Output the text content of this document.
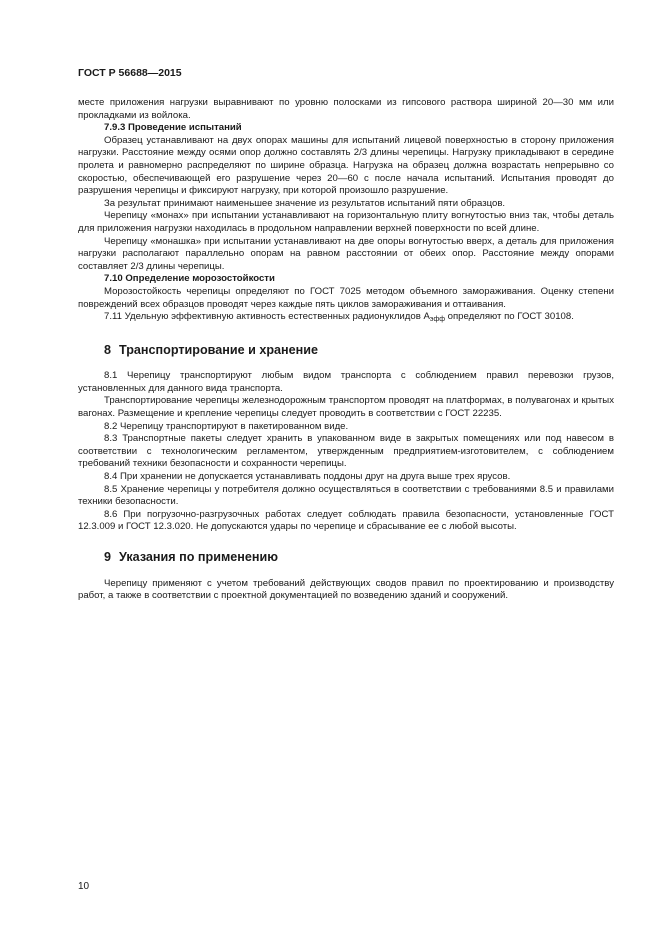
ГОСТ Р 56688—2015

месте приложения нагрузки выравнивают по уровню полосками из гипсового раствора шириной 20—30 мм или прокладками из войлока.

7.9.3 Проведение испытаний

Образец устанавливают на двух опорах машины для испытаний лицевой поверхностью в сторону приложения нагрузки. Расстояние между осями опор должно составлять 2/3 длины черепицы. Нагрузку прикладывают в середине пролета и равномерно распределяют по ширине образца. Нагрузка на образец должна возрастать непрерывно со скоростью, обеспечивающей его разрушение через 20—60 с после начала испытаний. Испытания проводят до разрушения черепицы и фиксируют нагрузку, при которой произошло разрушение.

За результат принимают наименьшее значение из результатов испытаний пяти образцов.

Черепицу «монах» при испытании устанавливают на горизонтальную плиту вогнутостью вниз так, чтобы деталь для приложения нагрузки находилась в продольном направлении верхней поверхности по всей длине.

Черепицу «монашка» при испытании устанавливают на две опоры вогнутостью вверх, а деталь для приложения нагрузки располагают параллельно опорам на равном расстоянии от обеих опор. Расстояние между опорами составляет 2/3 длины черепицы.

7.10 Определение морозостойкости

Морозостойкость черепицы определяют по ГОСТ 7025 методом объемного замораживания. Оценку степени повреждений всех образцов проводят через каждые пять циклов замораживания и оттаивания.

7.11 Удельную эффективную активность естественных радионуклидов $А_{эфф}$ определяют по ГОСТ 30108.

8 Транспортирование и хранение

8.1 Черепицу транспортируют любым видом транспорта с соблюдением правил перевозки грузов, установленных для данного вида транспорта.

Транспортирование черепицы железнодорожным транспортом проводят на платформах, в полувагонах и крытых вагонах. Размещение и крепление черепицы следует проводить в соответствии с ГОСТ 22235.

8.2 Черепицу транспортируют в пакетированном виде.

8.3 Транспортные пакеты следует хранить в упакованном виде в закрытых помещениях или под навесом в соответствии с технологическим регламентом, утвержденным предприятием-изготовителем, с соблюдением требований техники безопасности и сохранности черепицы.

8.4 При хранении не допускается устанавливать поддоны друг на друга выше трех ярусов.

8.5 Хранение черепицы у потребителя должно осуществляться в соответствии с требованиями 8.5 и правилами техники безопасности.

8.6 При погрузочно-разгрузочных работах следует соблюдать правила безопасности, установленные ГОСТ 12.3.009 и ГОСТ 12.3.020. Не допускаются удары по черепице и сбрасывание ее с любой высоты.

9 Указания по применению

Черепицу применяют с учетом требований действующих сводов правил по проектированию и производству работ, а также в соответствии с проектной документацией по возведению зданий и сооружений.

10
